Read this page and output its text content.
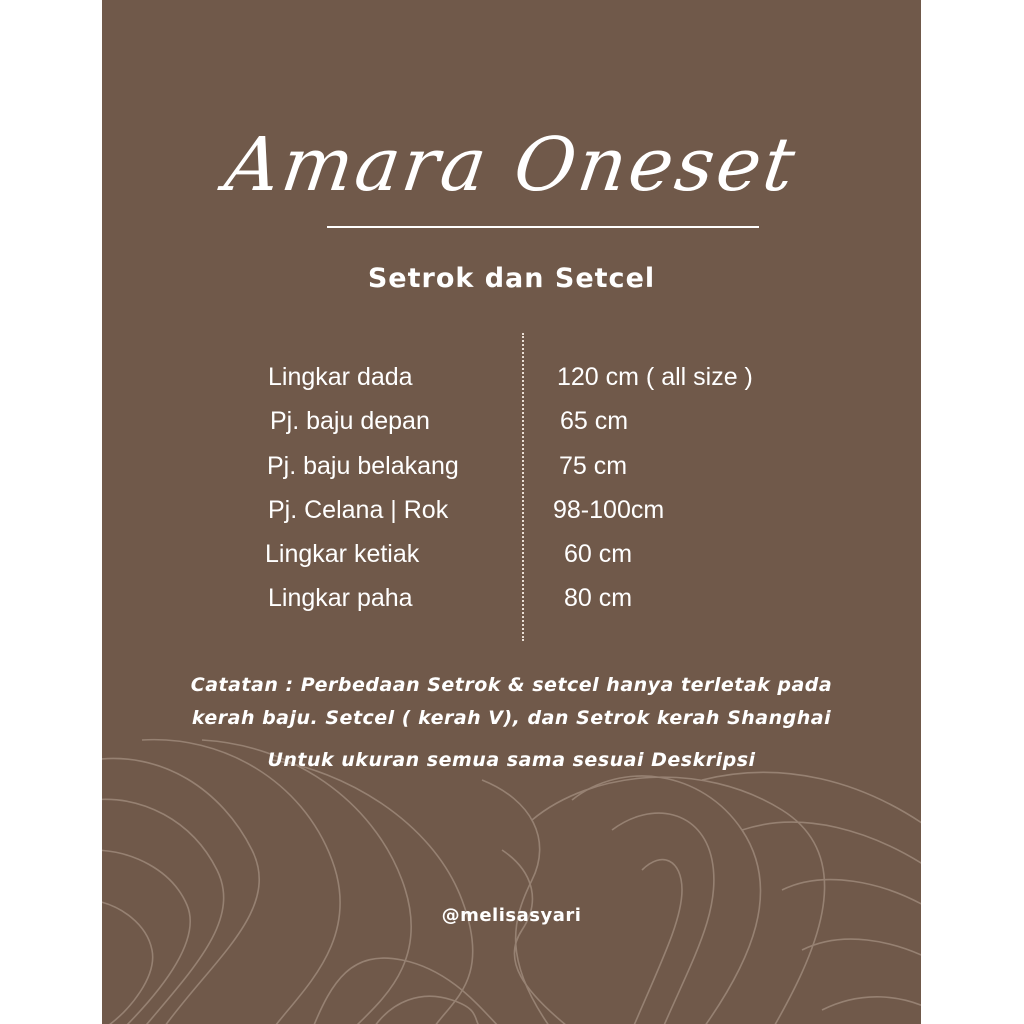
Amara Oneset
Setrok dan Setcel
Lingkar dada	120 cm ( all size )
Pj. baju depan	65 cm
Pj. baju belakang	75 cm
Pj. Celana | Rok	98-100cm
Lingkar ketiak	60 cm
Lingkar paha	80 cm
Catatan : Perbedaan Setrok & setcel hanya terletak pada
kerah baju. Setcel ( kerah V), dan Setrok kerah Shanghai
Untuk ukuran semua sama sesuai Deskripsi
@melisasyari
